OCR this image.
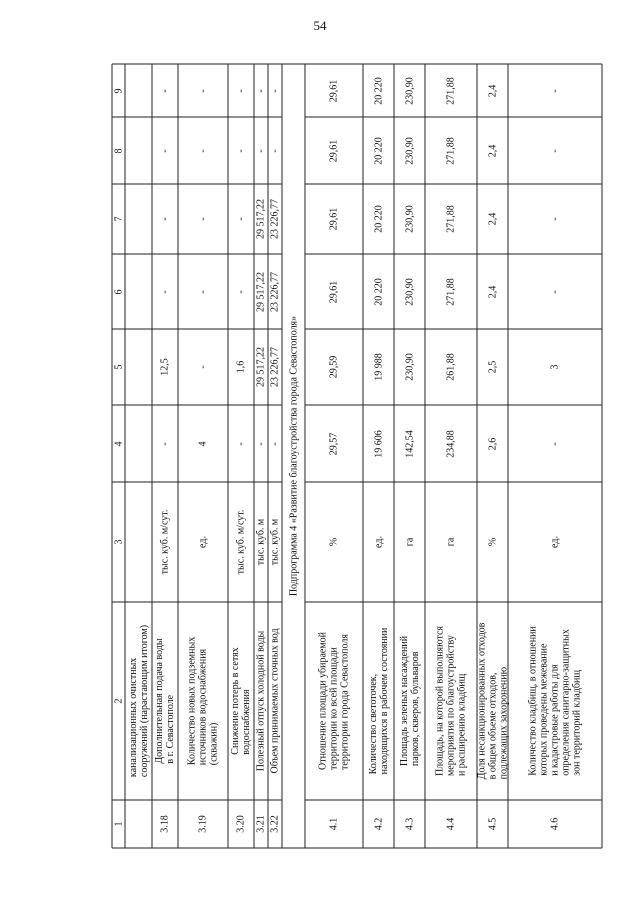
54
1
2
3
4
5
6
7
8
9
Подпрограмма 4 «Развитие благоустройства города Севастополя»
канализационных очистных сооружений (нарастающим итогом)
3.18
Дополнительная подача воды в г. Севастополе
тыс. куб. м/сут.
-
12,5
-
-
-
-
3.19
Количество новых подземных источников водоснабжения (скважин)
ед.
4
-
-
-
-
-
3.20
Снижение потерь в сетях водоснабжения
тыс. куб. м/сут.
-
1,6
-
-
-
-
3.21
Полезный отпуск холодной воды
тыс. куб. м
-
29 517,22
29 517,22
29 517,22
-
-
3.22
Объем принимаемых сточных вод
тыс. куб. м
-
23 226,77
23 226,77
23 226,77
-
-
4.1
Отношение площади убираемой территории ко всей площади территории города Севастополя
%
29,57
29,59
29,61
29,61
29,61
29,61
4.2
Количество светоточек, находящихся в рабочем состоянии
ед.
19 606
19 988
20 220
20 220
20 220
20 220
4.3
Площадь зеленых насаждений парков, скверов, бульваров
га
142,54
230,90
230,90
230,90
230,90
230,90
4.4
Площадь, на которой выполняются мероприятия по благоустройству и расширению кладбищ
га
234,88
261,88
271,88
271,88
271,88
271,88
4.5
Доля несанкционированных отходов в общем объеме отходов, подлежащих захоронению
%
2,6
2,5
2,4
2,4
2,4
2,4
4.6
Количество кладбищ, в отношении которых проведены межевание и кадастровые работы для определения санитарно-защитных зон территорий кладбищ
ед.
-
3
-
-
-
-
